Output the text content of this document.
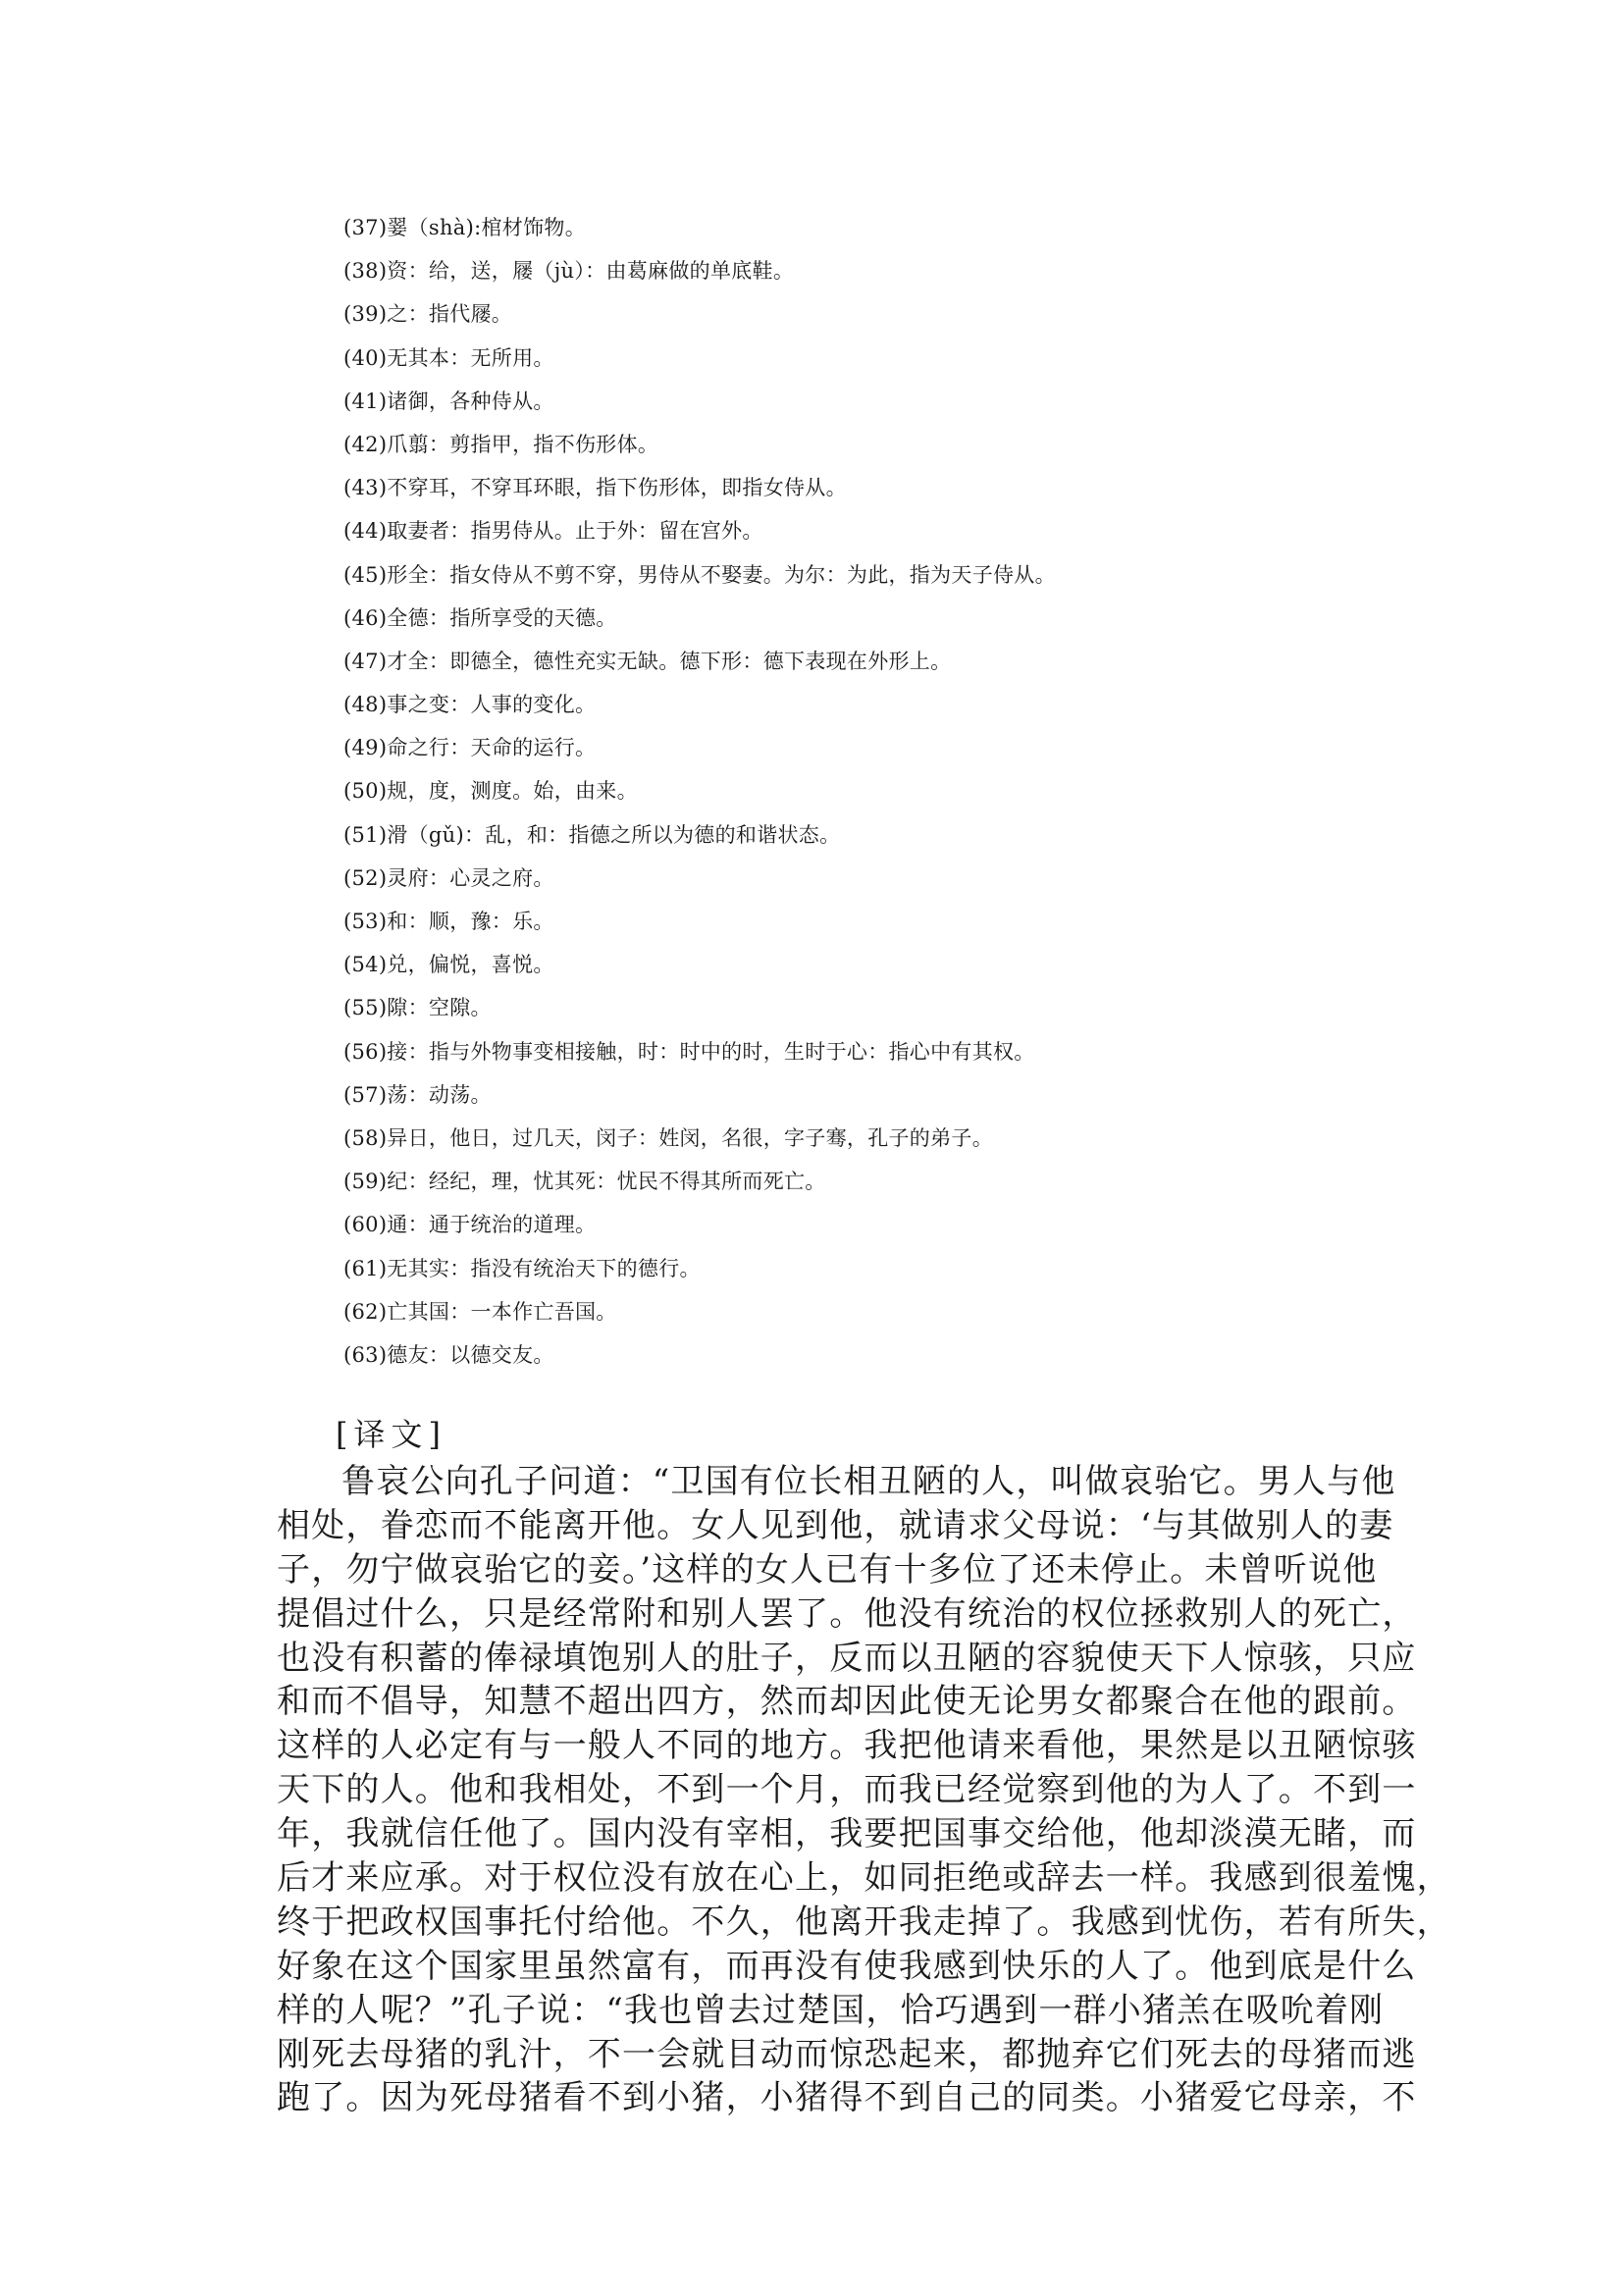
(37)翣（shà):棺材饰物。
(38)资：给，送，屦（jù）：由葛麻做的单底鞋。
(39)之：指代屦。
(40)无其本：无所用。
(41)诸御，各种侍从。
(42)爪翦：剪指甲，指不伤形体。
(43)不穿耳，不穿耳环眼，指下伤形体，即指女侍从。
(44)取妻者：指男侍从。止于外：留在宫外。
(45)形全：指女侍从不剪不穿，男侍从不娶妻。为尔：为此，指为天子侍从。
(46)全德：指所享受的天德。
(47)才全：即德全，德性充实无缺。德下形：德下表现在外形上。
(48)事之变：人事的变化。
(49)命之行：天命的运行。
(50)规，度，测度。始，由来。
(51)滑（gǔ)：乱，和：指德之所以为德的和谐状态。
(52)灵府：心灵之府。
(53)和：顺，豫：乐。
(54)兑，偏悦，喜悦。
(55)隙：空隙。
(56)接：指与外物事变相接触，时：时中的时，生时于心：指心中有其权。
(57)荡：动荡。
(58)异日，他日，过几天，闵子：姓闵，名很，字子骞，孔子的弟子。
(59)纪：经纪，理，忧其死：忧民不得其所而死亡。
(60)通：通于统治的道理。
(61)无其实：指没有统治天下的德行。
(62)亡其国：一本作亡吾国。
(63)德友：以德交友。
[译文]
鲁哀公向孔子问道：“卫国有位长相丑陋的人，叫做哀骀它。男人与他
相处，眷恋而不能离开他。女人见到他，就请求父母说：‘与其做别人的妻
子，勿宁做哀骀它的妾。’这样的女人已有十多位了还未停止。未曾听说他
提倡过什么，只是经常附和别人罢了。他没有统治的权位拯救别人的死亡，
也没有积蓄的俸禄填饱别人的肚子，反而以丑陋的容貌使天下人惊骇，只应
和而不倡导，知慧不超出四方，然而却因此使无论男女都聚合在他的跟前。
这样的人必定有与一般人不同的地方。我把他请来看他，果然是以丑陋惊骇
天下的人。他和我相处，不到一个月，而我已经觉察到他的为人了。不到一
年，我就信任他了。国内没有宰相，我要把国事交给他，他却淡漠无睹，而
后才来应承。对于权位没有放在心上，如同拒绝或辞去一样。我感到很羞愧，
终于把政权国事托付给他。不久，他离开我走掉了。我感到忧伤，若有所失，
好象在这个国家里虽然富有，而再没有使我感到快乐的人了。他到底是什么
样的人呢？”孔子说：“我也曾去过楚国，恰巧遇到一群小猪羔在吸吮着刚
刚死去母猪的乳汁，不一会就目动而惊恐起来，都抛弃它们死去的母猪而逃
跑了。因为死母猪看不到小猪，小猪得不到自己的同类。小猪爱它母亲，不
